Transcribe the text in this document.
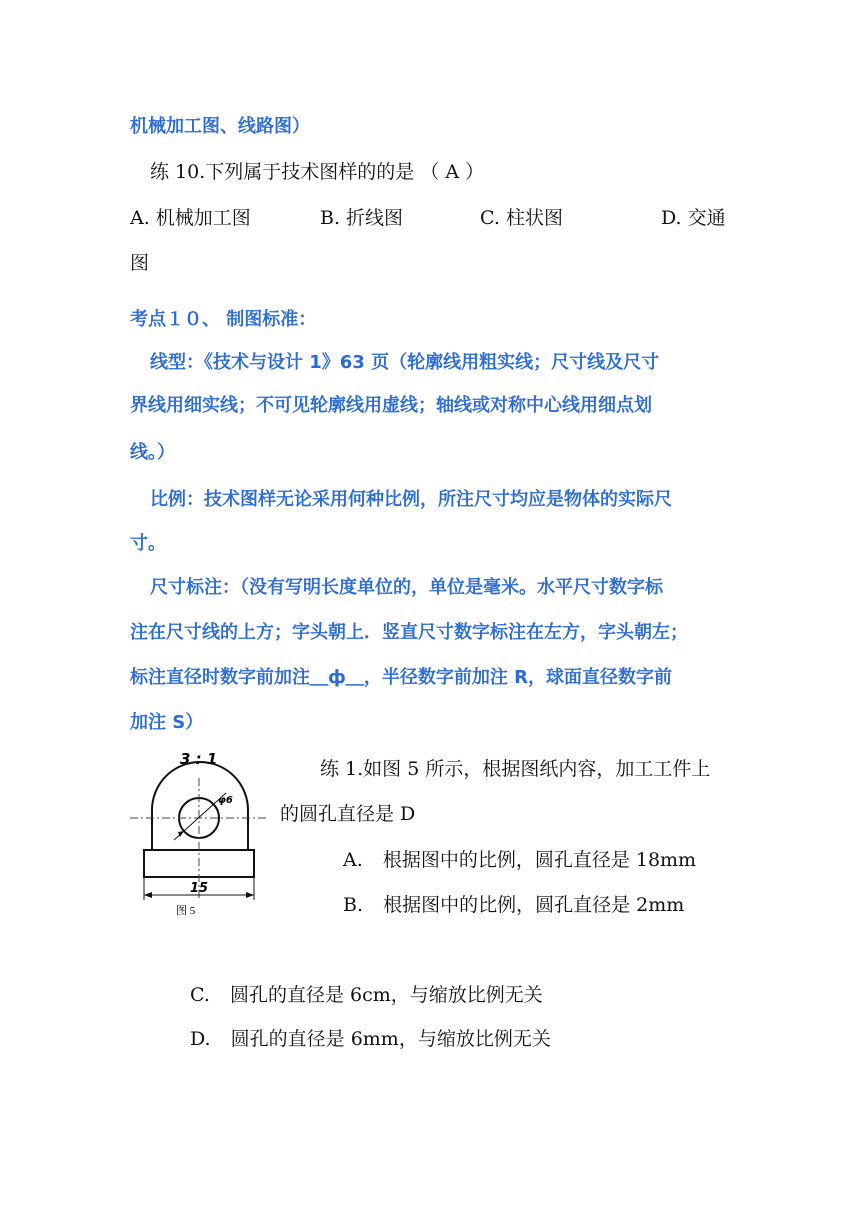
机械加工图、线路图）
练 10.下列属于技术图样的的是 （ A ）
A. 机械加工图	B. 折线图	C. 柱状图	D. 交通
图
考点１０、 制图标准：
线型：《技术与设计 1》63 页（轮廓线用粗实线；尺寸线及尺寸
界线用细实线；不可见轮廓线用虚线；轴线或对称中心线用细点划
线。）
比例：技术图样无论采用何种比例，所注尺寸均应是物体的实际尺
寸。
尺寸标注：（没有写明长度单位的，单位是毫米。水平尺寸数字标
注在尺寸线的上方；字头朝上．竖直尺寸数字标注在左方，字头朝左；
标注直径时数字前加注＿ф＿，半径数字前加注 R，球面直径数字前
加注 S）
3 : 1
φ6
15
图 5
练 1.如图 5 所示，根据图纸内容，加工工件上
的圆孔直径是 D
A. 根据图中的比例，圆孔直径是 18mm
B. 根据图中的比例，圆孔直径是 2mm
C. 圆孔的直径是 6cm，与缩放比例无关
D. 圆孔的直径是 6mm，与缩放比例无关
